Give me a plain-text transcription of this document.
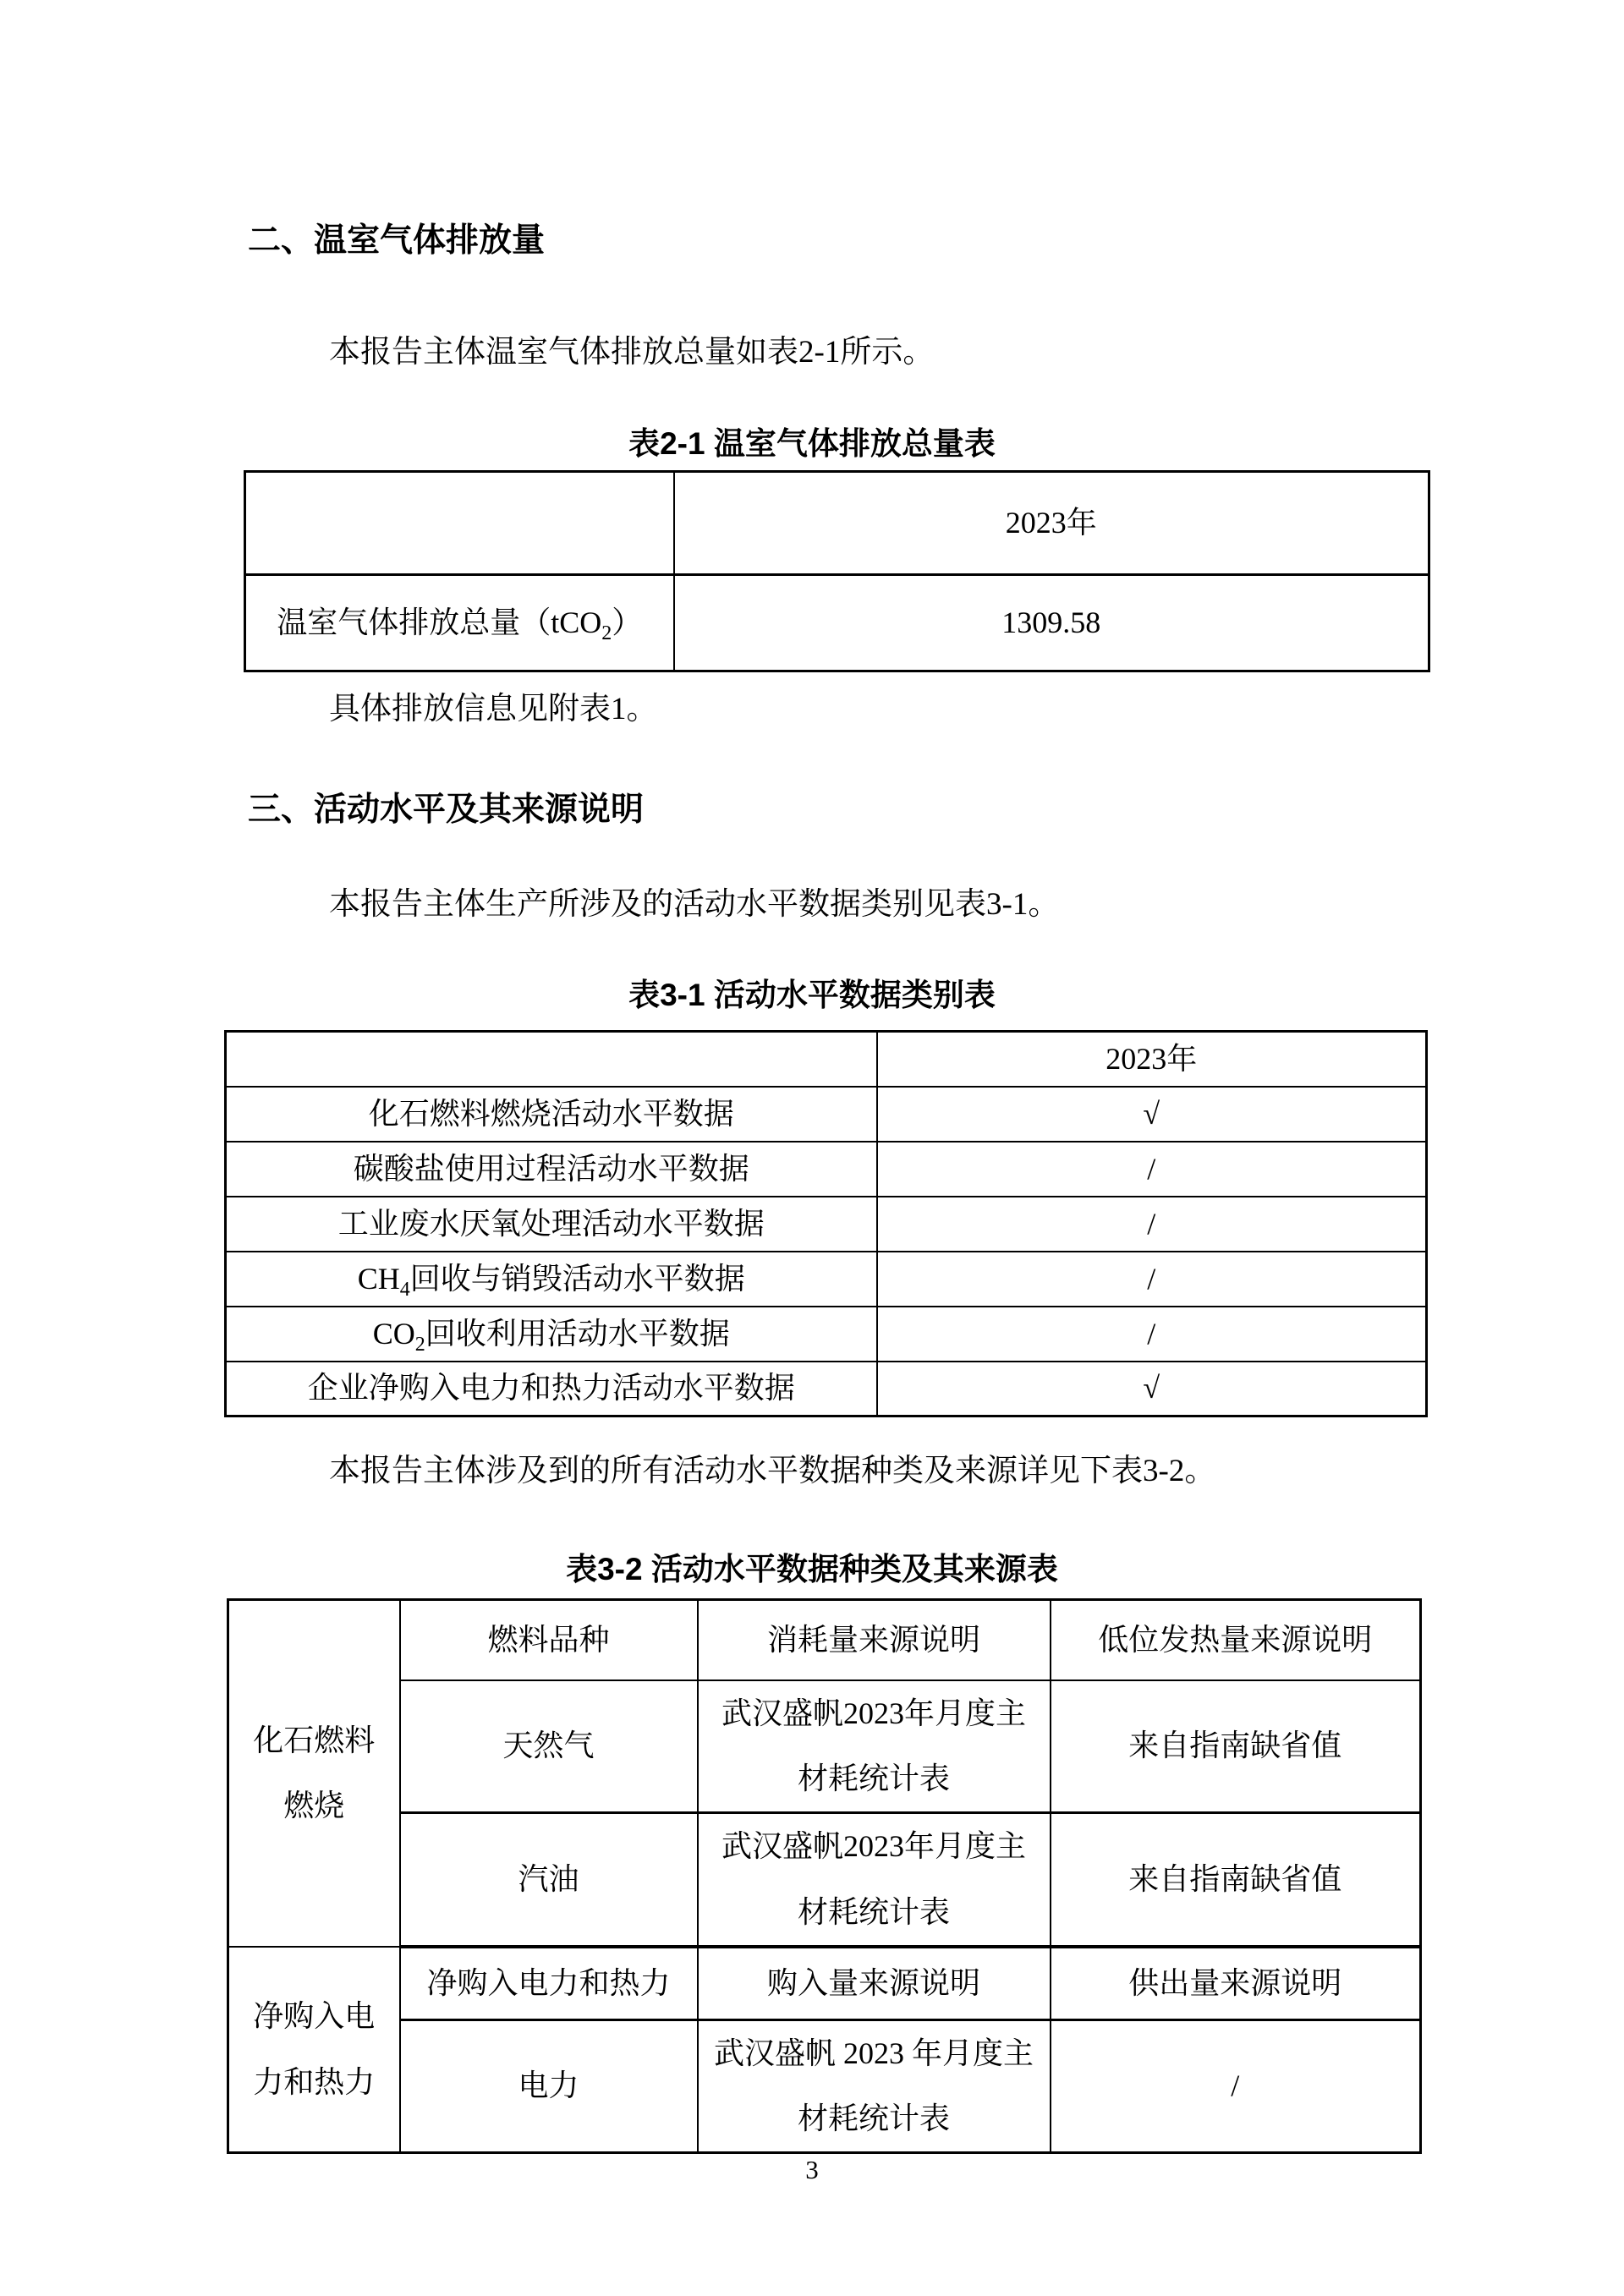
二、温室气体排放量
本报告主体温室气体排放总量如表2-1所示。
表2-1 温室气体排放总量表
	2023年
温室气体排放总量（tCO$_2$）	1309.58
具体排放信息见附表1。
三、活动水平及其来源说明
本报告主体生产所涉及的活动水平数据类别见表3-1。
表3-1 活动水平数据类别表
	2023年
化石燃料燃烧活动水平数据	√
碳酸盐使用过程活动水平数据	/
工业废水厌氧处理活动水平数据	/
$CH_4$回收与销毁活动水平数据	/
$CO_2$回收利用活动水平数据	/
企业净购入电力和热力活动水平数据	√
本报告主体涉及到的所有活动水平数据种类及来源详见下表3-2。
表3-2 活动水平数据种类及其来源表
化石燃料燃烧	燃料品种	消耗量来源说明	低位发热量来源说明
	天然气	武汉盛帆2023年月度主材耗统计表	来自指南缺省值
	汽油	武汉盛帆2023年月度主材耗统计表	来自指南缺省值
净购入电力和热力	净购入电力和热力	购入量来源说明	供出量来源说明
	电力	武汉盛帆 2023 年月度主材耗统计表	/
3
